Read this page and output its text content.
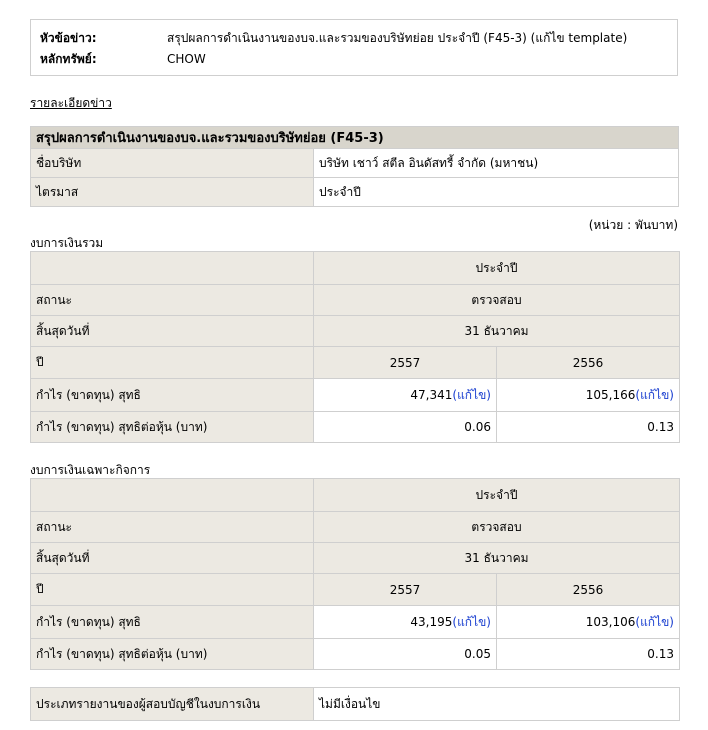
หัวข้อข่าว:	สรุปผลการดำเนินงานของบจ.และรวมของบริษัทย่อย ประจำปี (F45-3) (แก้ไข template)
หลักทรัพย์:	CHOW
รายละเอียดข่าว
สรุปผลการดำเนินงานของบจ.และรวมของบริษัทย่อย (F45-3)	
ชื่อบริษัท	บริษัท เชาว์ สตีล อินดัสทรี้ จำกัด (มหาชน)
ไตรมาส	ประจำปี
(หน่วย : พันบาท)
งบการเงินรวม
	ประจำปี	
สถานะ	ตรวจสอบ	
สิ้นสุดวันที่	31 ธันวาคม	
ปี	2557	2556
กำไร (ขาดทุน) สุทธิ	47,341(แก้ไข)	105,166(แก้ไข)
กำไร (ขาดทุน) สุทธิต่อหุ้น (บาท)	0.06	0.13
งบการเงินเฉพาะกิจการ
	ประจำปี	
สถานะ	ตรวจสอบ	
สิ้นสุดวันที่	31 ธันวาคม	
ปี	2557	2556
กำไร (ขาดทุน) สุทธิ	43,195(แก้ไข)	103,106(แก้ไข)
กำไร (ขาดทุน) สุทธิต่อหุ้น (บาท)	0.05	0.13
ประเภทรายงานของผู้สอบบัญชีในงบการเงิน	ไม่มีเงื่อนไข
